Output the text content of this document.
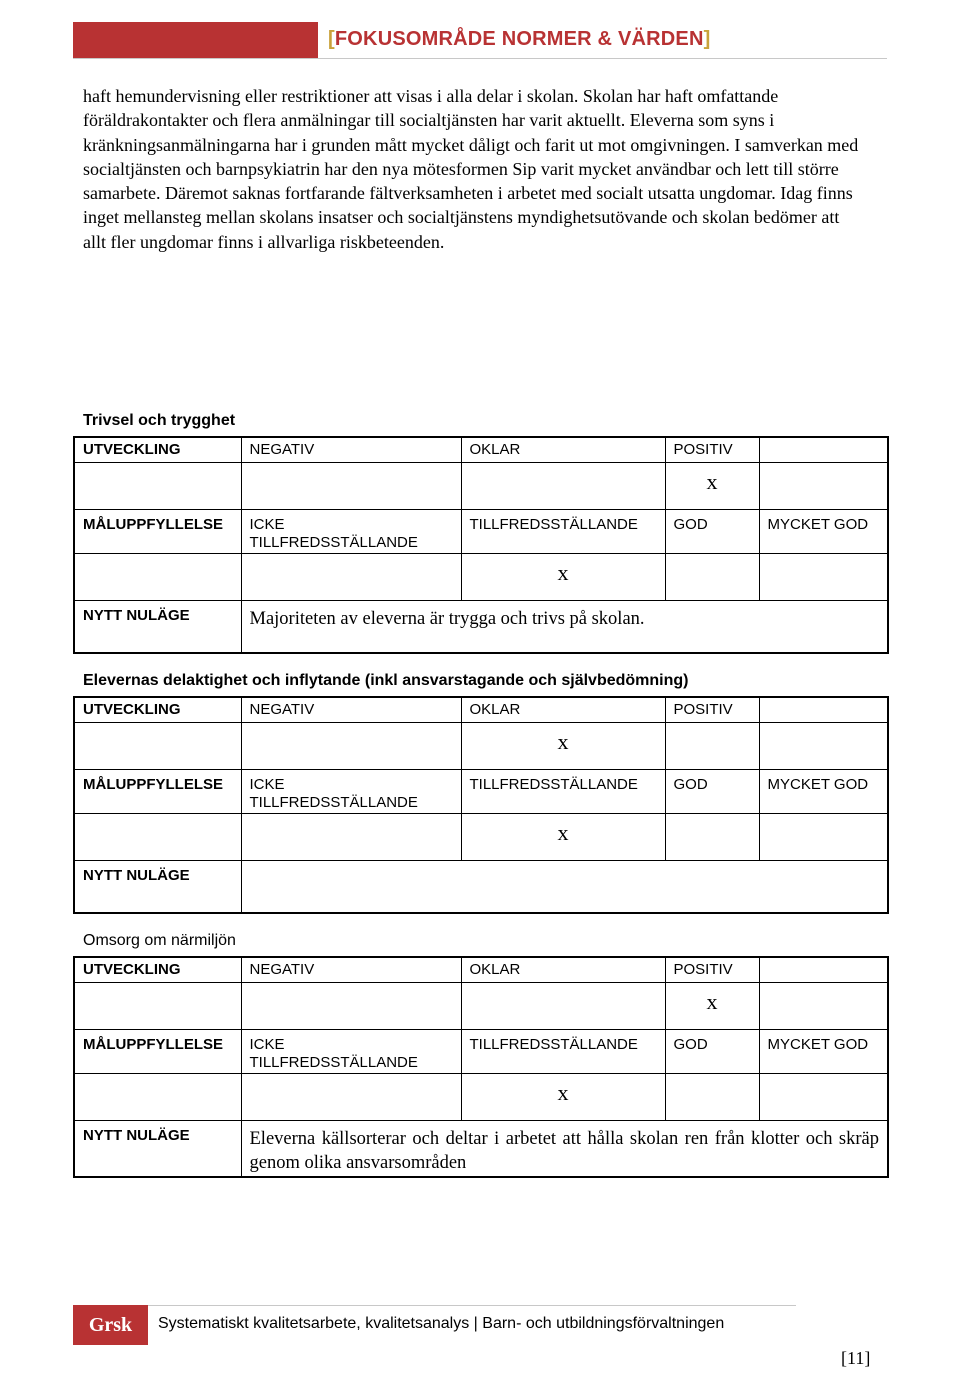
[FOKUSOMRÅDE NORMER & VÄRDEN]
haft hemundervisning eller restriktioner att visas i alla delar i skolan. Skolan har haft omfattande föräldrakontakter och flera anmälningar till socialtjänsten har varit aktuellt. Eleverna som syns i kränkningsanmälningarna har i grunden mått mycket dåligt och farit ut mot omgivningen. I samverkan med socialtjänsten och barnpsykiatrin har den nya mötesformen Sip varit mycket användbar och lett till större samarbete. Däremot saknas fortfarande fältverksamheten i arbetet med socialt utsatta ungdomar. Idag finns inget mellansteg mellan skolans insatser och socialtjänstens myndighetsutövande och skolan bedömer att allt fler ungdomar finns i allvarliga riskbeteenden.
Trivsel och trygghet
UTVECKLING	NEGATIV	OKLAR	POSITIV	

			x	

MÅLUPPFYLLELSE	ICKE TILLFREDSSTÄLLANDE	TILLFREDSSTÄLLANDE	GOD	MYCKET GOD

		x		

NYTT NULÄGE	Majoriteten av eleverna är trygga och trivs på skolan.			
Elevernas delaktighet och inflytande (inkl ansvarstagande och självbedömning)
UTVECKLING	NEGATIV	OKLAR	POSITIV	

		x		

MÅLUPPFYLLELSE	ICKE TILLFREDSSTÄLLANDE	TILLFREDSSTÄLLANDE	GOD	MYCKET GOD

		x		

NYTT NULÄGE				
Omsorg om närmiljön
UTVECKLING	NEGATIV	OKLAR	POSITIV	

			x	

MÅLUPPFYLLELSE	ICKE TILLFREDSSTÄLLANDE	TILLFREDSSTÄLLANDE	GOD	MYCKET GOD

		x		

NYTT NULÄGE	Eleverna källsorterar och deltar i arbetet att hålla skolan ren från klotter och skräp genom olika ansvarsområden			
Grsk	Systematiskt kvalitetsarbete, kvalitetsanalys | Barn- och utbildningsförvaltningen
[11]
